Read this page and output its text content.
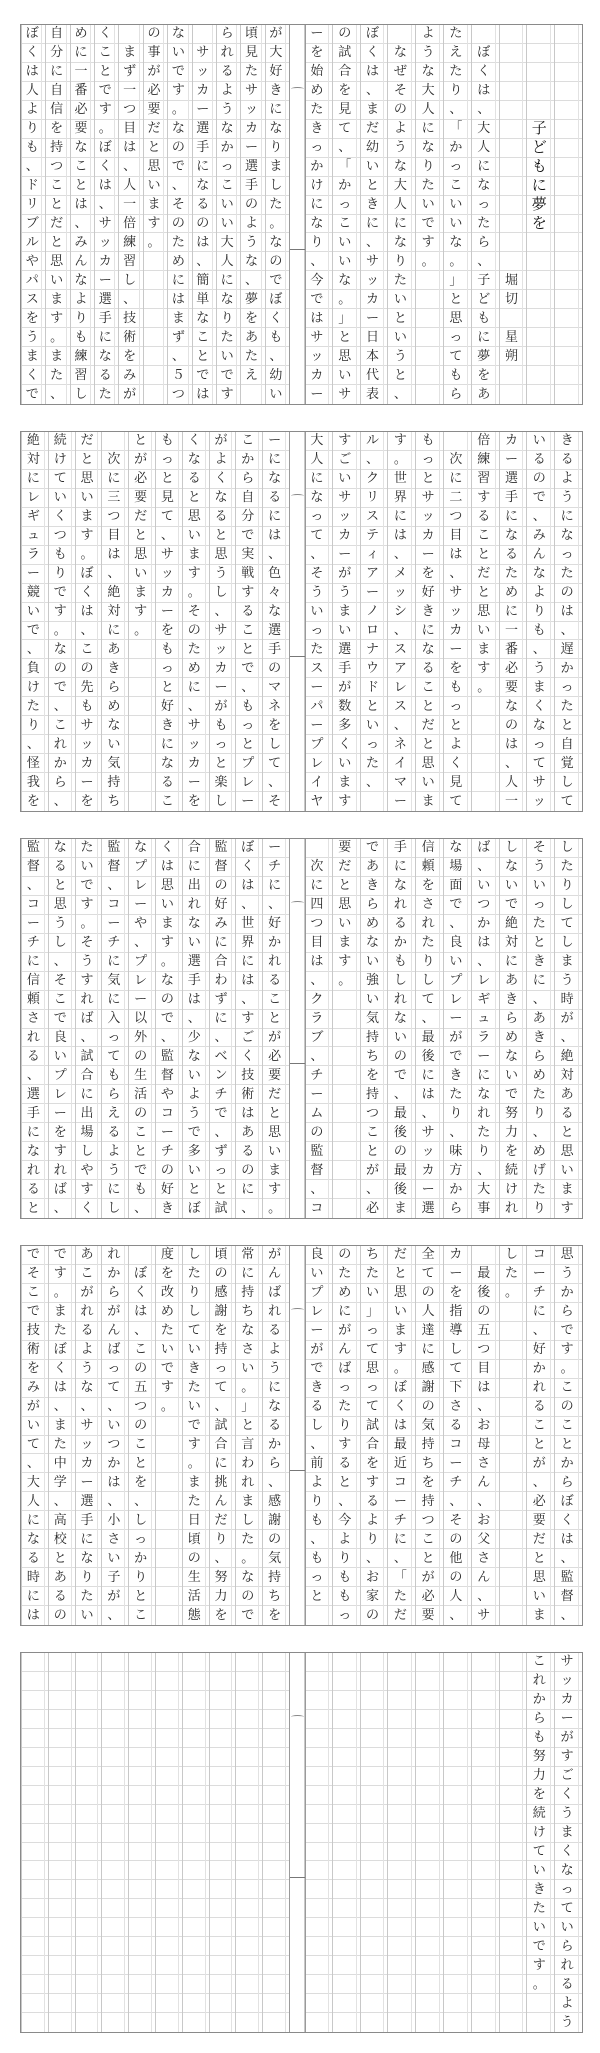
子
ど
も
に
夢
を
堀
切
星
朔
ぼ
く
は
、
大
人
に
な
っ
た
ら
、
子
ど
も
に
夢
を
あ
た
え
た
り
、
「
か
っ
こ
い
い
な
。
」
と
思
っ
て
も
ら
よ
う
な
大
人
に
な
り
た
い
で
す
。
な
ぜ
そ
の
よ
う
な
大
人
に
な
り
た
い
と
い
う
と
、
ぼ
く
は
、
ま
だ
幼
い
と
き
に
、
サ
ッ
カ
ー
日
本
代
表
の
試
合
を
見
て
、
「
か
っ
こ
い
い
な
。
」
と
思
い
サ
ー
を
始
め
た
き
っ
か
け
に
な
り
、
今
で
は
サ
ッ
カ
ー
が
大
好
き
に
な
り
ま
し
た
。
な
の
で
ぼ
く
も
、
幼
い
頃
見
た
サ
ッ
カ
ー
選
手
の
よ
う
な
、
夢
を
あ
た
え
ら
れ
る
よ
う
な
か
っ
こ
い
い
大
人
に
な
り
た
い
で
す
サ
ッ
カ
ー
選
手
に
な
る
の
は
、
簡
単
な
こ
と
で
は
な
い
で
す
。
な
の
で
、
そ
の
た
め
に
は
ま
ず
、
５
つ
の
事
が
必
要
だ
と
思
い
ま
す
。
ま
ず
一
つ
目
は
、
人
一
倍
練
習
し
、
技
術
を
み
が
く
こ
と
で
す
。
ぼ
く
は
、
サ
ッ
カ
ー
選
手
に
な
る
た
め
に
一
番
必
要
な
こ
と
は
、
み
ん
な
よ
り
も
練
習
し
自
分
に
自
信
を
持
つ
こ
と
だ
と
思
い
ま
す
。
ま
た
、
ぼ
く
は
人
よ
り
も
、
ド
リ
ブ
ル
や
パ
ス
を
う
ま
く
で
き
る
よ
う
に
な
っ
た
の
は
、
遅
か
っ
た
と
自
覚
し
て
い
る
の
で
、
み
ん
な
よ
り
も
、
う
ま
く
な
っ
て
サ
ッ
カ
ー
選
手
に
な
る
た
め
に
一
番
必
要
な
の
は
、
人
一
倍
練
習
す
る
こ
と
だ
と
思
い
ま
す
。
次
に
二
つ
目
は
、
サ
ッ
カ
ー
を
も
っ
と
よ
く
見
て
も
っ
と
サ
ッ
カ
ー
を
好
き
に
な
る
こ
と
だ
と
思
い
ま
す
。
世
界
に
は
、
メ
ッ
シ
、
ス
ア
レ
ス
、
ネ
イ
マ
ー
ル
、
ク
リ
ス
テ
ィ
ア
ー
ノ
ロ
ナ
ウ
ド
と
い
っ
た
、
す
ご
い
サ
ッ
カ
ー
が
う
ま
い
選
手
が
数
多
く
い
ま
す
大
人
に
な
っ
て
、
そ
う
い
っ
た
ス
ー
パ
ー
プ
レ
イ
ヤ
ー
に
な
る
に
は
、
色
々
な
選
手
の
マ
ネ
を
し
て
、
そ
こ
か
ら
自
分
で
実
戦
す
る
こ
と
で
、
も
っ
と
プ
レ
ー
が
よ
く
な
る
と
思
う
し
、
サ
ッ
カ
ー
が
も
っ
と
楽
し
く
な
る
と
思
い
ま
す
。
そ
の
た
め
に
、
サ
ッ
カ
ー
を
も
っ
と
見
て
、
サ
ッ
カ
ー
を
も
っ
と
好
き
に
な
る
こ
と
が
必
要
だ
と
思
い
ま
す
。
次
に
三
つ
目
は
、
絶
対
に
あ
き
ら
め
な
い
気
持
ち
だ
と
思
い
ま
す
。
ぼ
く
は
、
こ
の
先
も
サ
ッ
カ
ー
を
続
け
て
い
く
つ
も
り
で
す
。
な
の
で
、
こ
れ
か
ら
、
絶
対
に
レ
ギ
ュ
ラ
ー
競
い
で
、
負
け
た
り
、
怪
我
を
し
た
り
し
て
し
ま
う
時
が
、
絶
対
あ
る
と
思
い
ま
す
そ
う
い
っ
た
と
き
に
、
あ
き
ら
め
た
り
、
め
げ
た
り
し
な
い
で
絶
対
に
あ
き
ら
め
な
い
で
努
力
を
続
け
れ
ば
、
い
つ
か
は
、
レ
ギ
ュ
ラ
ー
に
な
れ
た
り
、
大
事
な
場
面
で
、
良
い
プ
レ
ー
が
で
き
た
り
、
味
方
か
ら
信
頼
を
さ
れ
た
り
し
て
、
最
後
に
は
、
サ
ッ
カ
ー
選
手
に
な
れ
る
か
も
し
れ
な
い
の
で
、
最
後
の
最
後
ま
で
あ
き
ら
め
な
い
強
い
気
持
ち
を
持
つ
こ
と
が
、
必
要
だ
と
思
い
ま
す
。
次
に
四
つ
目
は
、
ク
ラ
ブ
、
チ
ー
ム
の
監
督
、
コ
ー
チ
に
、
好
か
れ
る
こ
と
が
必
要
だ
と
思
い
ま
す
。
ぼ
く
は
、
世
界
に
は
、
す
ご
く
技
術
は
あ
る
の
に
、
監
督
の
好
み
に
合
わ
ず
に
、
ベ
ン
チ
で
、
ず
っ
と
試
合
に
出
れ
な
い
選
手
は
、
少
な
い
よ
う
で
多
い
と
ぼ
く
は
思
い
ま
す
。
な
の
で
、
監
督
や
コ
ー
チ
の
好
き
な
プ
レ
ー
や
、
プ
レ
ー
以
外
の
生
活
の
こ
と
で
も
、
監
督
、
コ
ー
チ
に
気
に
入
っ
て
も
ら
え
る
よ
う
に
し
た
い
で
す
。
そ
う
す
れ
ば
、
試
合
に
出
場
し
や
す
く
な
る
と
思
う
し
、
そ
こ
で
良
い
プ
レ
ー
を
す
れ
ば
、
監
督
、
コ
ー
チ
に
信
頼
さ
れ
る
、
選
手
に
な
れ
る
と
思
う
か
ら
で
す
。
こ
の
こ
と
か
ら
ぼ
く
は
、
監
督
、
コ
ー
チ
に
、
好
か
れ
る
こ
と
が
、
必
要
だ
と
思
い
ま
し
た
。
最
後
の
五
つ
目
は
、
お
母
さ
ん
、
お
父
さ
ん
、
サ
カ
ー
を
指
導
し
て
下
さ
る
コ
ー
チ
、
そ
の
他
の
人
、
全
て
の
人
達
に
感
謝
の
気
持
ち
を
持
つ
こ
と
が
必
要
だ
と
思
い
ま
す
。
ぼ
く
は
最
近
コ
ー
チ
に
、
「
た
だ
ち
た
い
」
っ
て
思
っ
て
試
合
を
す
る
よ
り
、
お
家
の
の
た
め
に
が
ん
ば
っ
た
り
す
る
と
、
今
よ
り
も
も
っ
良
い
プ
レ
ー
が
で
き
る
し
、
前
よ
り
も
、
も
っ
と
が
ん
ば
れ
る
よ
う
に
な
る
か
ら
、
感
謝
の
気
持
ち
を
常
に
持
ち
な
さ
い
。
」
と
言
わ
れ
ま
し
た
。
な
の
で
頃
の
感
謝
を
持
っ
て
、
試
合
に
挑
ん
だ
り
、
努
力
を
し
た
り
し
て
い
き
た
い
で
す
。
ま
た
日
頃
の
生
活
態
度
を
改
め
た
い
で
す
。
ぼ
く
は
、
こ
の
五
つ
の
こ
と
を
、
し
っ
か
り
と
こ
れ
か
ら
が
ん
ば
っ
て
、
い
つ
か
は
、
小
さ
い
子
が
、
あ
こ
が
れ
る
よ
う
な
、
サ
ッ
カ
ー
選
手
に
な
り
た
い
で
す
。
ま
た
ぼ
く
は
、
ま
た
中
学
、
高
校
と
あ
る
の
で
そ
こ
で
技
術
を
み
が
い
て
、
大
人
に
な
る
時
に
は
サ
ッ
カ
ー
が
す
ご
く
う
ま
く
な
っ
て
い
ら
れ
る
よ
う
こ
れ
か
ら
も
努
力
を
続
け
て
い
き
た
い
で
す
。
